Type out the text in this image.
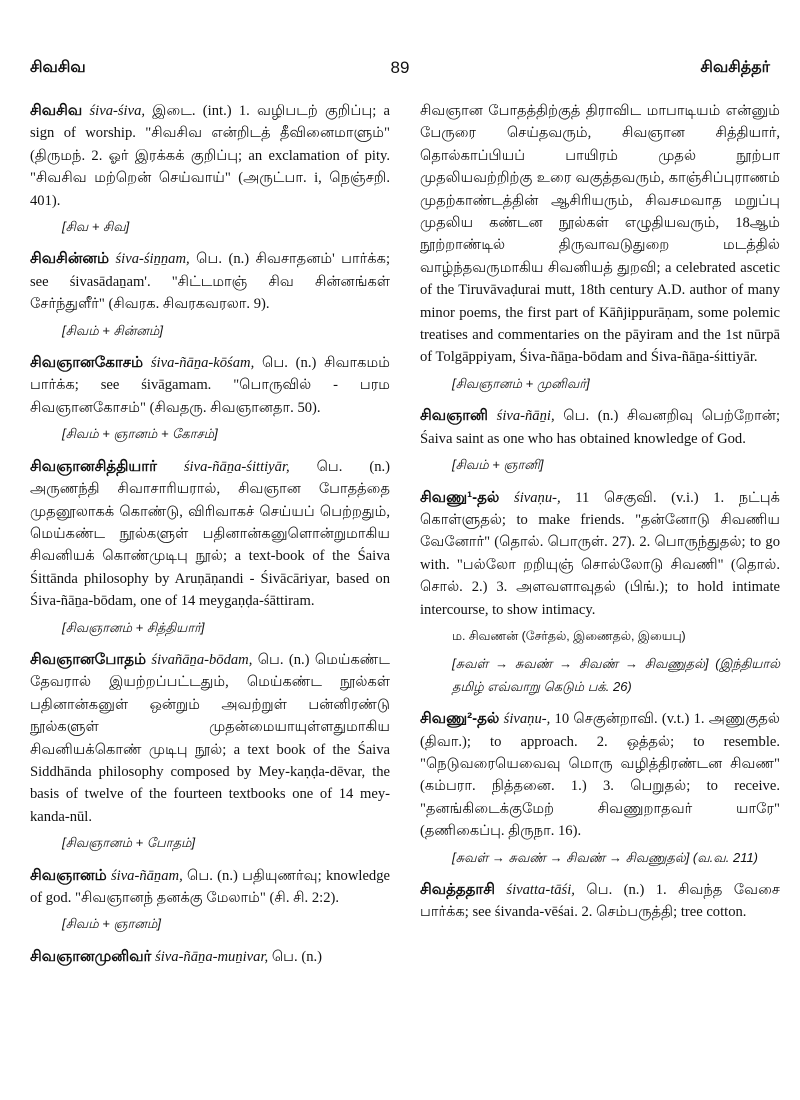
சிவசிவ	89	சிவசித்தர்

சிவசிவ śiva-śiva, இடை. (int.) 1. வழிபடற் குறிப்பு; a sign of worship. "சிவசிவ என்றிடத் தீவினைமாளும்" (திருமந். 2. ஓர் இரக்கக் குறிப்பு; an exclamation of pity. "சிவசிவ மற்றென் செய்வாய்" (அருட்பா. i, நெஞ்சறி. 401).

[சிவ + சிவ]

சிவசின்னம் śiva-śiṉṉam, பெ. (n.) சிவசாதனம்' பார்க்க; see śivasādaṉam'. "சிட்டமாஞ் சிவ சின்னங்கள் சேர்ந்துளீர்" (சிவரக. சிவரகவரலா. 9).

[சிவம் + சின்னம்]

சிவஞானகோசம் śiva-ñāṉa-kōśam, பெ. (n.) சிவாகமம் பார்க்க; see śivāgamam. "பொருவில் - பரம சிவஞானகோசம்" (சிவதரு. சிவஞானதா. 50).

[சிவம் + ஞானம் + கோசம்]

சிவஞானசித்தியார் śiva-ñāṉa-śittiyār, பெ. (n.) அருணந்தி சிவாசாரியரால், சிவஞான போதத்தை முதனூலாகக் கொண்டு, விரிவாகச் செய்யப் பெற்றதும், மெய்கண்ட நூல்களுள் பதினான்கனுளொன்றுமாகிய சிவனியக் கொண்முடிபு நூல்; a text-book of the Śaiva Śittānda philosophy by Aruṇāṇandi - Śivācāriyar, based on Śiva-ñāṉa-bōdam, one of 14 meygaṇḍa-śāttiram.

[சிவஞானம் + சித்தியார்]

சிவஞானபோதம் śivañāṉa-bōdam, பெ. (n.) மெய்கண்ட தேவரால் இயற்றப்பட்டதும், மெய்கண்ட நூல்கள் பதினான்கனுள் ஒன்றும் அவற்றுள் பன்னிரண்டு நூல்களுள் முதன்மையாயுள்ளதுமாகிய சிவனியக்கொண் முடிபு நூல்; a text book of the Śaiva Siddhānda philosophy composed by Mey-kaṇḍa-dēvar, the basis of twelve of the fourteen textbooks one of 14 mey-kanda-nūl.

[சிவஞானம் + போதம்]

சிவஞானம் śiva-ñāṉam, பெ. (n.) பதியுணர்வு; knowledge of god. "சிவஞானந் தனக்கு மேலாம்" (சி. சி. 2:2).

[சிவம் + ஞானம்]

சிவஞானமுனிவர் śiva-ñāṉa-muṉivar, பெ. (n.)

சிவஞான போதத்திற்குத் திராவிட மாபாடியம் என்னும் பேருரை செய்தவரும், சிவஞான சித்தியார், தொல்காப்பியப் பாயிரம் முதல் நூற்பா முதலியவற்றிற்கு உரை வகுத்தவரும், காஞ்சிப்புராணம் முதற்காண்டத்தின் ஆசிரியரும், சிவசமவாத மறுப்பு முதலிய கண்டன நூல்கள் எழுதியவரும், 18ஆம் நூற்றாண்டில் திருவாவடுதுறை மடத்தில் வாழ்ந்தவருமாகிய சிவனியத் துறவி; a celebrated ascetic of the Tiruvāvaḍurai mutt, 18th century A.D. author of many minor poems, the first part of Kāñjippurāṇam, some polemic treatises and commentaries on the pāyiram and the 1st nūrpā of Tolgāppiyam, Śiva-ñāṉa-bōdam and Śiva-ñāṉa-śittiyār.

[சிவஞானம் + முனிவர்]

சிவஞானி śiva-ñāṉi, பெ. (n.) சிவனறிவு பெற்றோன்; Śaiva saint as one who has obtained knowledge of God.

[சிவம் + ஞானி]

சிவணு¹-தல் śivaṇu-, 11 செகுவி. (v.i.) 1. நட்புக் கொள்ளுதல்; to make friends. "தன்னோடு சிவணிய வேனோர்" (தொல். பொருள். 27). 2. பொருந்துதல்; to go with. "பல்லோ றறியுஞ் சொல்லோடு சிவணி" (தொல். சொல். 2.) 3. அளவளாவுதல் (பிங்.); to hold intimate intercourse, to show intimacy.

ம. சிவணன் (சேர்தல், இணைதல், இயைபு)
[சுவள் → சுவண் → சிவண் → சிவணுதல்] (இந்தியால் தமிழ் எவ்வாறு கெடும் பக். 26)

சிவணு²-தல் śivaṇu-, 10 செகுன்றாவி. (v.t.) 1. அணுகுதல் (திவா.); to approach. 2. ஒத்தல்; to resemble. "நெடுவரையெவைவு மொரு வழித்திரண்டன சிவண" (கம்பரா. நித்தனை. 1.) 3. பெறுதல்; to receive. "தனங்கிடைக்குமேற் சிவணுறாதவர் யாரே" (தணிகைப்பு. திருநா. 16).

[சுவள் → சுவண் → சிவண் → சிவணுதல்] (வ.வ. 211)

சிவத்ததாசி śivatta-tāśi, பெ. (n.) 1. சிவந்த வேசை பார்க்க; see śivanda-vēśai. 2. செம்பருத்தி; tree cotton.
